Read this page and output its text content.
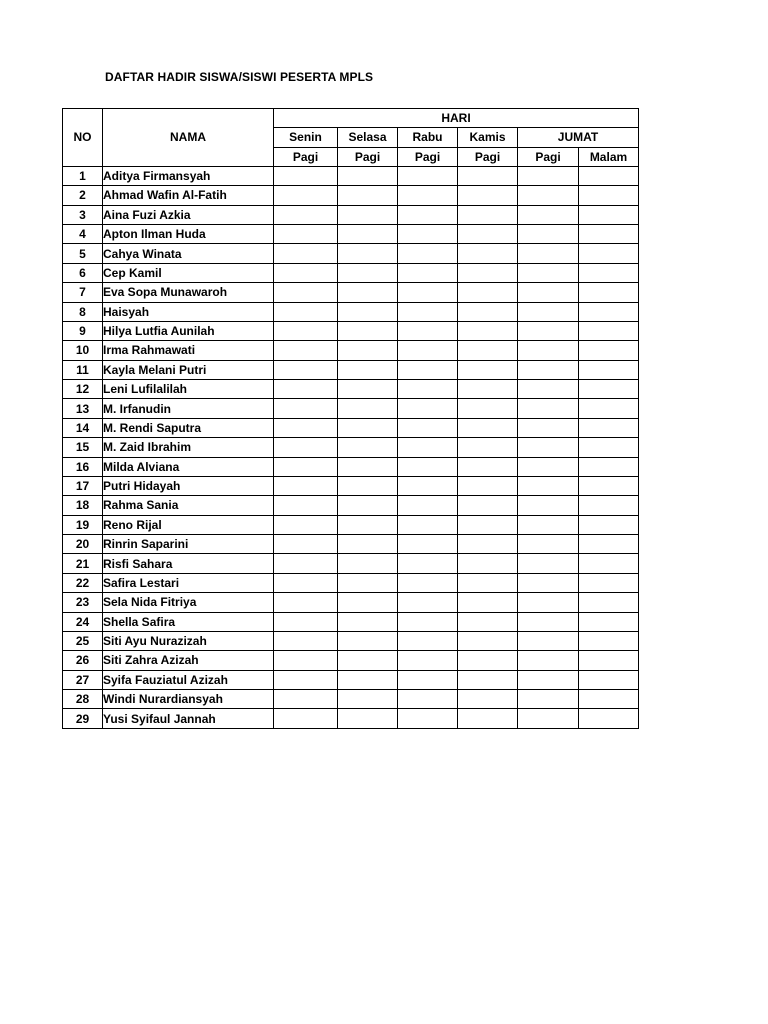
DAFTAR HADIR SISWA/SISWI PESERTA MPLS
NO	NAMA	HARI					
		Senin	Selasa	Rabu	Kamis	JUMAT	
		Pagi	Pagi	Pagi	Pagi	Pagi	Malam
1	Aditya Firmansyah						
2	Ahmad Wafin Al-Fatih						
3	Aina Fuzi Azkia						
4	Apton Ilman Huda						
5	Cahya Winata						
6	Cep Kamil						
7	Eva Sopa Munawaroh						
8	Haisyah						
9	Hilya Lutfia Aunilah						
10	Irma Rahmawati						
11	Kayla Melani Putri						
12	Leni Lufilalilah						
13	M. Irfanudin						
14	M. Rendi Saputra						
15	M. Zaid Ibrahim						
16	Milda Alviana						
17	Putri Hidayah						
18	Rahma Sania						
19	Reno Rijal						
20	Rinrin Saparini						
21	Risfi Sahara						
22	Safira Lestari						
23	Sela Nida Fitriya						
24	Shella Safira						
25	Siti Ayu Nurazizah						
26	Siti Zahra Azizah						
27	Syifa Fauziatul Azizah						
28	Windi Nurardiansyah						
29	Yusi Syifaul Jannah						
